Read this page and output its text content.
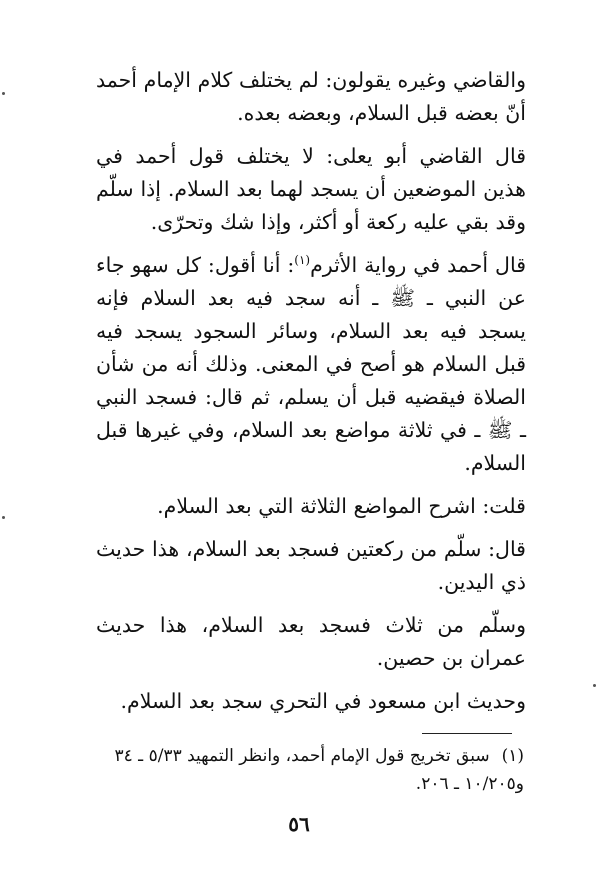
والقاضي وغيره يقولون: لم يختلف كلام الإمام أحمد أنّ بعضه قبل السلام، وبعضه بعده.

قال القاضي أبو يعلى: لا يختلف قول أحمد في هذين الموضعين أن يسجد لهما بعد السلام. إذا سلّم وقد بقي عليه ركعة أو أكثر، وإذا شك وتحرّى.

قال أحمد في رواية الأثرم$^{(١)}$: أنا أقول: كل سهو جاء عن النبي ـ ﷺ ـ أنه سجد فيه بعد السلام فإنه يسجد فيه بعد السلام، وسائر السجود يسجد فيه قبل السلام هو أصح في المعنى. وذلك أنه من شأن الصلاة فيقضيه قبل أن يسلم، ثم قال: فسجد النبي ـ ﷺ ـ في ثلاثة مواضع بعد السلام، وفي غيرها قبل السلام.

قلت: اشرح المواضع الثلاثة التي بعد السلام.

قال: سلّم من ركعتين فسجد بعد السلام، هذا حديث ذي اليدين.

وسلّم من ثلاث فسجد بعد السلام، هذا حديث عمران بن حصين.

وحديث ابن مسعود في التحري سجد بعد السلام.

(١)سبق تخريج قول الإمام أحمد، وانظر التمهيد ٥/٣٣ ـ ٣٤ و١٠/٢٠٥ ـ ٢٠٦.
٥٦
